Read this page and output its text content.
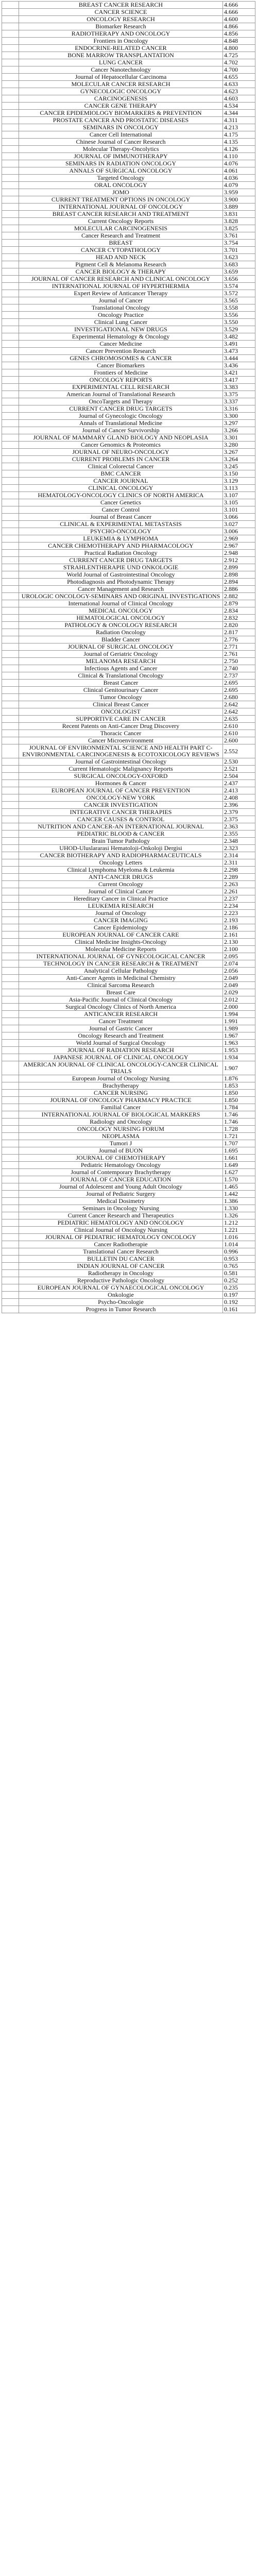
	BREAST CANCER RESEARCH	4.666
	CANCER SCIENCE	4.666
	ONCOLOGY RESEARCH	4.600
	Biomarker Research	4.866
	RADIOTHERAPY AND ONCOLOGY	4.856
	Frontiers in Oncology	4.848
	ENDOCRINE-RELATED CANCER	4.800
	BONE MARROW TRANSPLANTATION	4.725
	LUNG CANCER	4.702
	Cancer Nanotechnology	4.700
	Journal of Hepatocellular Carcinoma	4.655
	MOLECULAR CANCER RESEARCH	4.633
	GYNECOLOGIC ONCOLOGY	4.623
	CARCINOGENESIS	4.603
	CANCER GENE THERAPY	4.534
	CANCER EPIDEMIOLOGY BIOMARKERS & PREVENTION	4.344
	PROSTATE CANCER AND PROSTATIC DISEASES	4.311
	SEMINARS IN ONCOLOGY	4.213
	Cancer Cell International	4.175
	Chinese Journal of Cancer Research	4.135
	Molecular Therapy-Oncolytics	4.126
	JOURNAL OF IMMUNOTHERAPY	4.110
	SEMINARS IN RADIATION ONCOLOGY	4.076
	ANNALS OF SURGICAL ONCOLOGY	4.061
	Targeted Oncology	4.036
	ORAL ONCOLOGY	4.079
	JOMO	3.959
	CURRENT TREATMENT OPTIONS IN ONCOLOGY	3.900
	INTERNATIONAL JOURNAL OF ONCOLOGY	3.889
	BREAST CANCER RESEARCH AND TREATMENT	3.831
	Current Oncology Reports	3.828
	MOLECULAR CARCINOGENESIS	3.825
	Cancer Research and Treatment	3.761
	BREAST	3.754
	CANCER CYTOPATHOLOGY	3.701
	HEAD AND NECK	3.623
	Pigment Cell & Melanoma Research	3.683
	CANCER BIOLOGY & THERAPY	3.659
	JOURNAL OF CANCER RESEARCH AND CLINICAL ONCOLOGY	3.656
	INTERNATIONAL JOURNAL OF HYPERTHERMIA	3.574
	Expert Review of Anticancer Therapy	3.572
	Journal of Cancer	3.565
	Translational Oncology	3.558
	Oncology Practice	3.556
	Clinical Lung Cancer	3.550
	INVESTIGATIONAL NEW DRUGS	3.529
	Experimental Hematology & Oncology	3.482
	Cancer Medicine	3.491
	Cancer Prevention Research	3.473
	GENES CHROMOSOMES & CANCER	3.444
	Cancer Biomarkers	3.436
	Frontiers of Medicine	3.421
	ONCOLOGY REPORTS	3.417
	EXPERIMENTAL CELL RESEARCH	3.383
	American Journal of Translational Research	3.375
	OncoTargets and Therapy	3.337
	CURRENT CANCER DRUG TARGETS	3.316
	Journal of Gynecologic Oncology	3.300
	Annals of Translational Medicine	3.297
	Journal of Cancer Survivorship	3.266
	JOURNAL OF MAMMARY GLAND BIOLOGY AND NEOPLASIA	3.301
	Cancer Genomics & Proteomics	3.280
	JOURNAL OF NEURO-ONCOLOGY	3.267
	CURRENT PROBLEMS IN CANCER	3.264
	Clinical Colorectal Cancer	3.245
	BMC CANCER	3.150
	CANCER JOURNAL	3.129
	CLINICAL ONCOLOGY	3.113
	HEMATOLOGY-ONCOLOGY CLINICS OF NORTH AMERICA	3.107
	Cancer Genetics	3.105
	Cancer Control	3.101
	Journal of Breast Cancer	3.066
	CLINICAL & EXPERIMENTAL METASTASIS	3.027
	PSYCHO-ONCOLOGY	3.006
	LEUKEMIA & LYMPHOMA	2.969
	CANCER CHEMOTHERAPY AND PHARMACOLOGY	2.967
	Practical Radiation Oncology	2.948
	CURRENT CANCER DRUG TARGETS	2.912
	STRAHLENTHERAPIE UND ONKOLOGIE	2.899
	World Journal of Gastrointestinal Oncology	2.898
	Photodiagnosis and Photodynamic Therapy	2.894
	Cancer Management and Research	2.886
	UROLOGIC ONCOLOGY-SEMINARS AND ORIGINAL INVESTIGATIONS	2.882
	International Journal of Clinical Oncology	2.879
	MEDICAL ONCOLOGY	2.834
	HEMATOLOGICAL ONCOLOGY	2.832
	PATHOLOGY & ONCOLOGY RESEARCH	2.820
	Radiation Oncology	2.817
	Bladder Cancer	2.776
	JOURNAL OF SURGICAL ONCOLOGY	2.771
	Journal of Geriatric Oncology	2.761
	MELANOMA RESEARCH	2.750
	Infectious Agents and Cancer	2.740
	Clinical & Translational Oncology	2.737
	Breast Cancer	2.695
	Clinical Genitourinary Cancer	2.695
	Tumor Oncology	2.680
	Clinical Breast Cancer	2.642
	ONCOLOGIST	2.642
	SUPPORTIVE CARE IN CANCER	2.635
	Recent Patents on Anti-Cancer Drug Discovery	2.610
	Thoracic Cancer	2.610
	Cancer Microenvironment	2.600
	JOURNAL OF ENVIRONMENTAL SCIENCE AND HEALTH PART C-ENVIRONMENTAL CARCINOGENESIS & ECOTOXICOLOGY REVIEWS	2.552
	Journal of Gastrointestinal Oncology	2.530
	Current Hematologic Malignancy Reports	2.521
	SURGICAL ONCOLOGY-OXFORD	2.504
	Hormones & Cancer	2.437
	EUROPEAN JOURNAL OF CANCER PREVENTION	2.413
	ONCOLOGY-NEW YORK	2.408
	CANCER INVESTIGATION	2.396
	INTEGRATIVE CANCER THERAPIES	2.379
	CANCER CAUSES & CONTROL	2.375
	NUTRITION AND CANCER-AN INTERNATIONAL JOURNAL	2.363
	PEDIATRIC BLOOD & CANCER	2.355
	Brain Tumor Pathology	2.348
	UHOD-Uluslararasi Hematoloji-Onkoloji Dergisi	2.323
	CANCER BIOTHERAPY AND RADIOPHARMACEUTICALS	2.314
	Oncology Letters	2.311
	Clinical Lymphoma Myeloma & Leukemia	2.298
	ANTI-CANCER DRUGS	2.289
	Current Oncology	2.263
	Journal of Clinical Cancer	2.261
	Hereditary Cancer in Clinical Practice	2.237
	LEUKEMIA RESEARCH	2.234
	Journal of Oncology	2.223
	CANCER IMAGING	2.193
	Cancer Epidemiology	2.186
	EUROPEAN JOURNAL OF CANCER CARE	2.161
	Clinical Medicine Insights-Oncology	2.130
	Molecular Medicine Reports	2.100
	INTERNATIONAL JOURNAL OF GYNECOLOGICAL CANCER	2.095
	TECHNOLOGY IN CANCER RESEARCH & TREATMENT	2.074
	Analytical Cellular Pathology	2.056
	Anti-Cancer Agents in Medicinal Chemistry	2.049
	Clinical Sarcoma Research	2.049
	Breast Care	2.029
	Asia-Pacific Journal of Clinical Oncology	2.012
	Surgical Oncology Clinics of North America	2.000
	ANTICANCER RESEARCH	1.994
	Cancer Treatment	1.991
	Journal of Gastric Cancer	1.989
	Oncology Research and Treatment	1.967
	World Journal of Surgical Oncology	1.963
	JOURNAL OF RADIATION RESEARCH	1.953
	JAPANESE JOURNAL OF CLINICAL ONCOLOGY	1.934
	AMERICAN JOURNAL OF CLINICAL ONCOLOGY-CANCER CLINICAL TRIALS	1.907
	European Journal of Oncology Nursing	1.876
	Brachytherapy	1.853
	CANCER NURSING	1.850
	JOURNAL OF ONCOLOGY PHARMACY PRACTICE	1.850
	Familial Cancer	1.784
	INTERNATIONAL JOURNAL OF BIOLOGICAL MARKERS	1.746
	Radiology and Oncology	1.746
	ONCOLOGY NURSING FORUM	1.728
	NEOPLASMA	1.721
	Tumori J	1.707
	Journal of BUON	1.695
	JOURNAL OF CHEMOTHERAPY	1.661
	Pediatric Hematology Oncology	1.649
	Journal of Contemporary Brachytherapy	1.627
	JOURNAL OF CANCER EDUCATION	1.570
	Journal of Adolescent and Young Adult Oncology	1.465
	Journal of Pediatric Surgery	1.442
	Medical Dosimetry	1.386
	Seminars in Oncology Nursing	1.330
	Current Cancer Research and Therapeutics	1.326
	PEDIATRIC HEMATOLOGY AND ONCOLOGY	1.212
	Clinical Journal of Oncology Nursing	1.221
	JOURNAL OF PEDIATRIC HEMATOLOGY ONCOLOGY	1.016
	Cancer Radiotherapie	1.014
	Translational Cancer Research	0.996
	BULLETIN DU CANCER	0.953
	INDIAN JOURNAL OF CANCER	0.765
	Radiotherapy in Oncology	0.581
	Reproductive Pathologic Oncology	0.252
	EUROPEAN JOURNAL OF GYNAECOLOGICAL ONCOLOGY	0.235
	Onkologie	0.197
	Psycho-Oncologie	0.192
	Progress in Tumor Research	0.161
